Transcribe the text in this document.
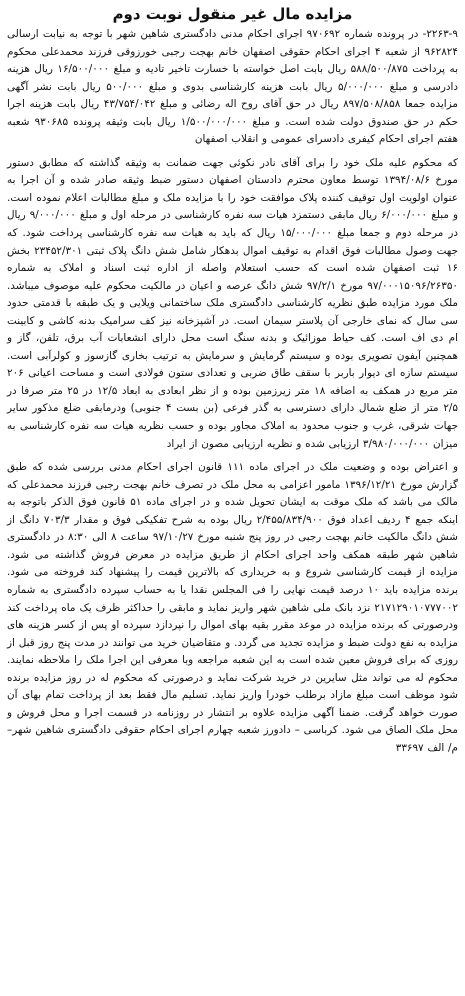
مزایده مال غیر منقول نوبت دوم

۲۲۶۳-۹- در پرونده شماره ۹۷۰۶۹۲ اجرای احکام مدنی دادگستری شاهین شهر با توجه به نیابت ارسالی ۹۶۲۸۲۴ از شعبه ۴ اجرای احکام حقوقی اصفهان خانم بهجت رجبی خورزوقی فرزند محمدعلی محکوم به پرداخت ۵۸۸/۵۰۰/۸۷۵ ریال بابت اصل خواسته با خسارت تاخیر تادیه و مبلغ ۱۶/۵۰۰/۰۰۰ ریال هزینه دادرسی و مبلغ ۵/۰۰۰/۰۰۰ ریال بابت هزینه کارشناسی بدوی و مبلغ ۵۰۰/۰۰۰ ریال بابت نشر آگهی مزایده جمعا ۸۹۷/۵۰۸/۸۵۸ ریال در حق آقای روح اله رضائی و مبلغ ۴۳/۷۵۴/۰۴۲ ریال بابت هزینه اجرا حکم در حق صندوق دولت شده است. و مبلغ ۱/۵۰۰/۰۰۰/۰۰۰ ریال بابت وثیقه پرونده ۹۳۰۶۸۵ شعبه هفتم اجرای احکام کیفری دادسرای عمومی و انقلاب اصفهان

که محکوم علیه ملک خود را برای آقای نادر نکوئی جهت ضمانت به وثیقه گذاشته که مطابق دستور مورخ ۱۳۹۴/۰۸/۶ توسط معاون محترم دادستان اصفهان دستور ضبط وثیقه صادر شده و آن اجرا به عنوان اولویت اول توقیف کننده پلاک موافقت خود را با مزایده ملک و مبلغ مطالبات اعلام نموده است. و مبلغ ۶/۰۰۰/۰۰۰ ریال مابقی دستمزد هیات سه نفره کارشناسی در مرحله اول و مبلغ ۹/۰۰۰/۰۰۰ ریال در مرحله دوم و جمعا مبلغ ۱۵/۰۰۰/۰۰۰ ریال که باید به هیات سه نفره کارشناسی پرداخت شود. که جهت وصول مطالبات فوق اقدام به توقیف اموال بدهکار شامل شش دانگ پلاک ثبتی ۲۳۴۵۲/۳۰۱ بخش ۱۶ ثبت اصفهان شده است که حسب استعلام واصله از اداره ثبت اسناد و املاک به شماره ۹۷/۰۰۰۱۵۰۹۶/۲۶۳۵۰ مورخ ۹۷/۲/۱ شش دانگ عرصه و اعیان در مالکیت محکوم علیه موصوف میباشد. ملک مورد مزایده طبق نظریه کارشناسی دادگستری ملک ساختمانی ویلایی و یک طبقه با قدمتی حدود سی سال که نمای خارجی آن پلاستر سیمان است. در آشپزخانه نیز کف سرامیک بدنه کاشی و کابینت ام دی اف است. کف حیاط موزائیک و بدنه سنگ است محل دارای انشعابات آب برق، تلفن، گاز و همچنین آیفون تصویری بوده و سیستم گرمایش و سرمایش به ترتیب بخاری گازسوز و کولرآبی است. سیستم سازه ای دیوار باربر با سقف طاق ضربی و تعدادی ستون فولادی است و مساحت اعیانی ۲۰۶ متر مربع در همکف به اضافه ۱۸ متر زیرزمین بوده و از نظر ابعادی به ابعاد ۱۲/۵ در ۲۵ متر صرفا در ۲/۵ متر از ضلع شمال دارای دسترسی به گذر فرعی (بن بست ۴ جنوبی) ودرمابقی ضلع مذکور سایر جهات شرقی، غرب و جنوب محدود به املاک مجاور بوده و حسب نظریه هیات سه نفره کارشناسی به میزان ۳/۹۸۰/۰۰۰/۰۰۰ ارزیابی شده و نظریه ارزیابی مصون از ایراد

و اعتراض بوده و وضعیت ملک در اجرای ماده ۱۱۱ قانون اجرای احکام مدنی بررسی شده که طبق گزارش مورخ ۱۳۹۶/۱۲/۲۱ مامور اعزامی به محل ملک در تصرف خانم بهجت رجبی فرزند محمدعلی که مالک می باشد که ملک موقت به ایشان تحویل شده و در اجرای ماده ۵۱ قانون فوق الذکر باتوجه به اینکه جمع ۴ ردیف اعداد فوق ۲/۴۵۵/۸۳۴/۹۰۰ ریال بوده به شرح تفکیکی فوق و مقدار ۷۰۳/۳ دانگ از شش دانگ مالکیت خانم بهجت رجبی در روز پنج شنبه مورخ ۹۷/۱۰/۲۷ ساعت ۸ الی ۸:۳۰ در دادگستری شاهین شهر طبقه همکف واحد اجرای احکام از طریق مزایده در معرض فروش گذاشته می شود. مزایده از قیمت کارشناسی شروع و به خریداری که بالاترین قیمت را پیشنهاد کند فروخته می شود. برنده مزایده باید ۱۰ درصد قیمت نهایی را فی المجلس نقدا یا به حساب سپرده دادگستری به شماره ۲۱۷۱۲۹۰۱۰۷۷۷۰۰۲ نزد بانک ملی شاهین شهر واریز نماید و مابقی را حداکثر ظرف یک ماه پرداخت کند ودرصورتی که برنده مزایده در موعد مقرر بقیه بهای اموال را نپردازد سپرده او پس از کسر هزینه های مزایده به نفع دولت ضبط و مزایده تجدید می گردد. و متقاضیان خرید می توانند در مدت پنج روز قبل از روزی که برای فروش معین شده است به این شعبه مراجعه وبا معرفی این اجرا ملک را ملاحظه نمایند. محکوم له می تواند مثل سایرین در خرید شرکت نماید و درصورتی که محکوم له در روز مزایده برنده شود موظف است مبلغ مازاد برطلب خودرا واریز نماید. تسلیم مال فقط بعد از پرداخت تمام بهای آن صورت خواهد گرفت. ضمنا آگهی مزایده علاوه بر انتشار در روزنامه در قسمت اجرا و محل فروش و محل ملک الصاق می شود. کرباسی – دادورز شعبه چهارم اجرای احکام حقوقی دادگستری شاهین شهر– م/ الف ۳۳۶۹۷
